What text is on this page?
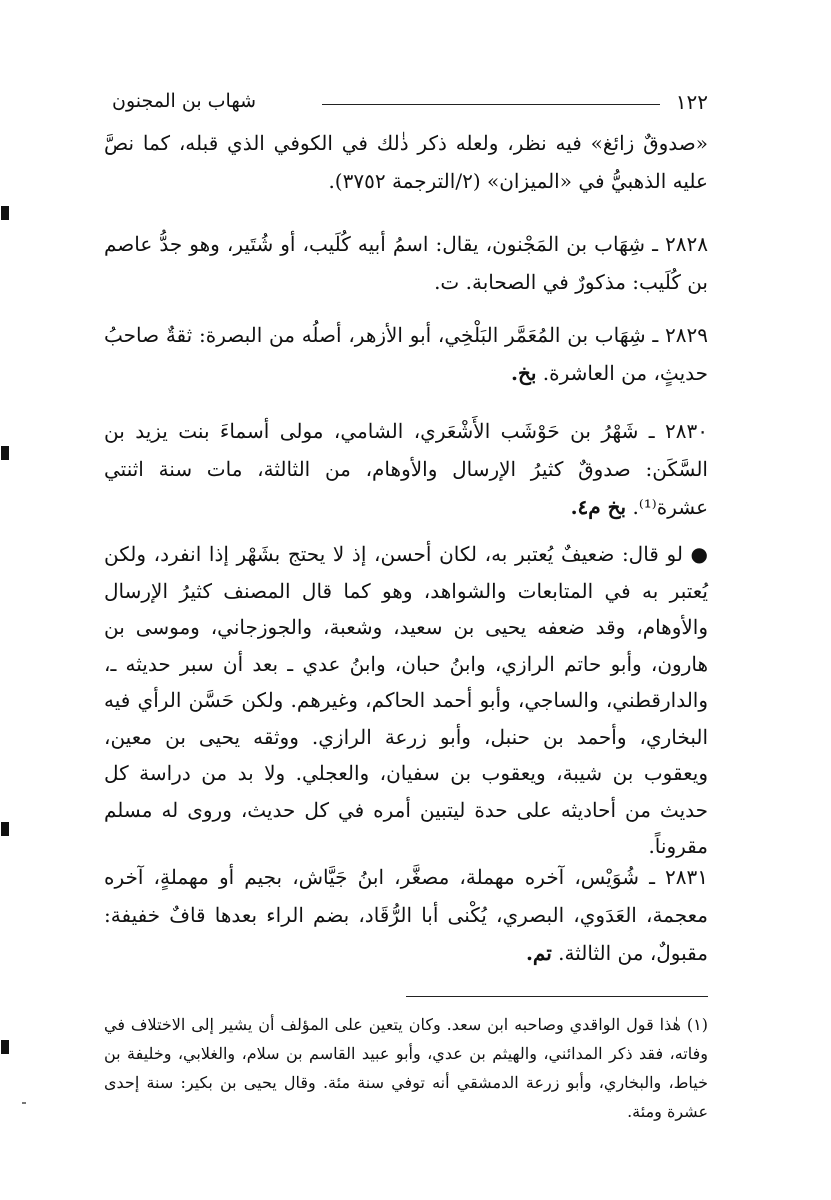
١٢٢
شهاب بن المجنون

«صدوقٌ زائغ» فيه نظر، ولعله ذكر ذٰلك في الكوفي الذي قبله، كما نصَّ عليه الذهبيُّ في «الميزان» (٢/الترجمة ٣٧٥٢).

٢٨٢٨ ـ شِهَاب بن المَجْنون، يقال: اسمُ أبيه كُلَيب، أو شُتَير، وهو جدُّ عاصم بن كُلَيب: مذكورٌ في الصحابة. ت.

٢٨٢٩ ـ شِهَاب بن المُعَمَّر البَلْخِي، أبو الأزهر، أصلُه من البصرة: ثقةٌ صاحبُ حديثٍ، من العاشرة. بخ.

٢٨٣٠ ـ شَهْرُ بن حَوْشَب الأَشْعَري، الشامي، مولى أسماءَ بنت يزيد بن السَّكَن: صدوقٌ كثيرُ الإرسال والأوهام، من الثالثة، مات سنة اثنتي عشرة⁽¹⁾. بخ م٤.

● لو قال: ضعيفٌ يُعتبر به، لكان أحسن، إذ لا يحتج بشَهْر إذا انفرد، ولكن يُعتبر به في المتابعات والشواهد، وهو كما قال المصنف كثيرُ الإرسال والأوهام، وقد ضعفه يحيى بن سعيد، وشعبة، والجوزجاني، وموسى بن هارون، وأبو حاتم الرازي، وابنُ حبان، وابنُ عدي ـ بعد أن سبر حديثه ـ، والدارقطني، والساجي، وأبو أحمد الحاكم، وغيرهم. ولكن حَسَّن الرأي فيه البخاري، وأحمد بن حنبل، وأبو زرعة الرازي. ووثقه يحيى بن معين، ويعقوب بن شيبة، ويعقوب بن سفيان، والعجلي. ولا بد من دراسة كل حديث من أحاديثه على حدة ليتبين أمره في كل حديث، وروى له مسلم مقروناً.

٢٨٣١ ـ شُوَيْس، آخره مهملة، مصغَّر، ابنُ جَيَّاش، بجيم أو مهملةٍ، آخره معجمة، العَدَوي، البصري، يُكْنى أبا الرُّقَاد، بضم الراء بعدها قافٌ خفيفة: مقبولٌ، من الثالثة. تم.

(١) هٰذا قول الواقدي وصاحبه ابن سعد. وكان يتعين على المؤلف أن يشير إلى الاختلاف في وفاته، فقد ذكر المدائني، والهيثم بن عدي، وأبو عبيد القاسم بن سلام، والغلابي، وخليفة بن خياط، والبخاري، وأبو زرعة الدمشقي أنه توفي سنة مئة. وقال يحيى بن بكير: سنة إحدى عشرة ومئة.
